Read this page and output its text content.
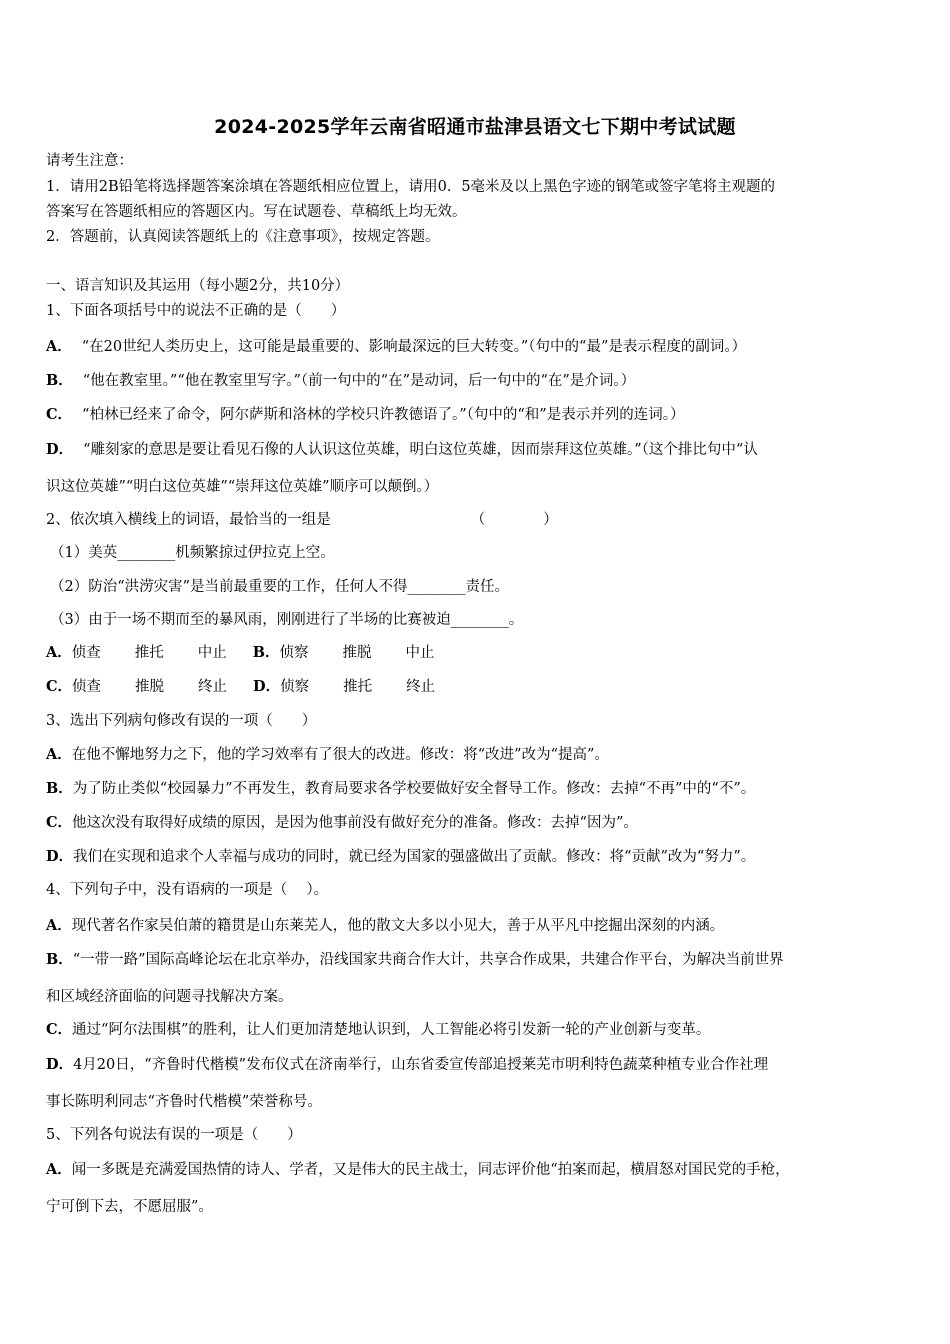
2024-2025学年云南省昭通市盐津县语文七下期中考试试题
请考生注意：
1．请用2B铅笔将选择题答案涂填在答题纸相应位置上，请用0．5毫米及以上黑色字迹的钢笔或签字笔将主观题的
答案写在答题纸相应的答题区内。写在试题卷、草稿纸上均无效。
2．答题前，认真阅读答题纸上的《注意事项》，按规定答题。
一、语言知识及其运用（每小题2分，共10分）
1、下面各项括号中的说法不正确的是（　　）
A． “在20世纪人类历史上，这可能是最重要的、影响最深远的巨大转变。”（句中的“最”是表示程度的副词。）
B． “他在教室里。”“他在教室里写字。”（前一句中的“在”是动词，后一句中的“在”是介词。）
C． “柏林已经来了命令，阿尔萨斯和洛林的学校只许教德语了。”（句中的“和”是表示并列的连词。）
D． “雕刻家的意思是要让看见石像的人认识这位英雄，明白这位英雄，因而崇拜这位英雄。”（这个排比句中“认
识这位英雄”“明白这位英雄”“崇拜这位英雄”顺序可以颠倒。）
2、依次填入横线上的词语，最恰当的一组是	（　　　　）
（1）美英________机频繁掠过伊拉克上空。
（2）防治“洪涝灾害”是当前最重要的工作，任何人不得________责任。
（3）由于一场不期而至的暴风雨，刚刚进行了半场的比赛被迫________。
A．侦查 推托 中止 B．侦察 推脱 中止
C．侦查 推脱 终止 D．侦察 推托 终止
3、选出下列病句修改有误的一项（　　）
A．在他不懈地努力之下，他的学习效率有了很大的改进。修改：将“改进”改为“提高”。
B．为了防止类似“校园暴力”不再发生，教育局要求各学校要做好安全督导工作。修改：去掉“不再”中的“不”。
C．他这次没有取得好成绩的原因，是因为他事前没有做好充分的准备。修改：去掉“因为”。
D．我们在实现和追求个人幸福与成功的同时，就已经为国家的强盛做出了贡献。修改：将“贡献”改为“努力”。
4、下列句子中，没有语病的一项是（　 ）。
A．现代著名作家吴伯萧的籍贯是山东莱芜人，他的散文大多以小见大，善于从平凡中挖掘出深刻的内涵。
B．“一带一路”国际高峰论坛在北京举办，沿线国家共商合作大计，共享合作成果，共建合作平台，为解决当前世界
和区域经济面临的问题寻找解决方案。
C．通过“阿尔法围棋”的胜利，让人们更加清楚地认识到，人工智能必将引发新一轮的产业创新与变革。
D．4月20日，“齐鲁时代楷模”发布仪式在济南举行，山东省委宣传部追授莱芜市明利特色蔬菜种植专业合作社理
事长陈明利同志“齐鲁时代楷模”荣誉称号。
5、下列各句说法有误的一项是（　　）
A．闻一多既是充满爱国热情的诗人、学者，又是伟大的民主战士，同志评价他“拍案而起，横眉怒对国民党的手枪，
宁可倒下去，不愿屈服”。
